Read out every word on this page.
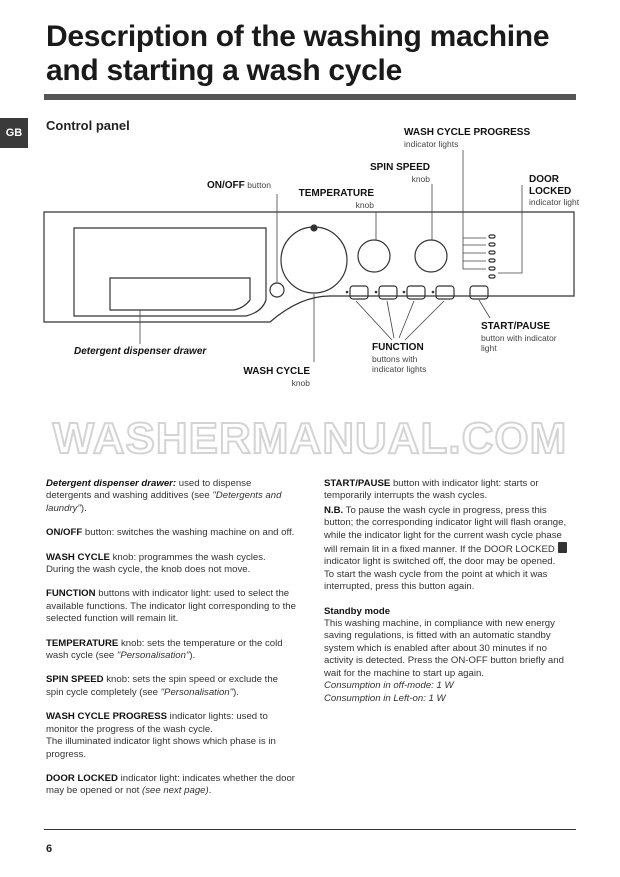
Description of the washing machine and starting a wash cycle
GB	Control panel	WASH CYCLE PROGRESS indicator lights
SPIN SPEED
knob	DOOR LOCKED
indicator light
ON/OFF button
TEMPERATURE
knob
START/PAUSE
button with indicator light
FUNCTION
buttons with indicator lights
Detergent dispenser drawer
WASH CYCLE
knob
WASHERMANUAL.COM

Detergent dispenser drawer: used to dispense detergents and washing additives (see "Detergents and laundry").

ON/OFF button: switches the washing machine on and off.

WASH CYCLE knob: programmes the wash cycles. During the wash cycle, the knob does not move.

FUNCTION buttons with indicator light: used to select the available functions. The indicator light corresponding to the selected function will remain lit.

TEMPERATURE knob: sets the temperature or the cold wash cycle (see "Personalisation").

SPIN SPEED knob: sets the spin speed or exclude the spin cycle completely (see "Personalisation").

WASH CYCLE PROGRESS indicator lights: used to monitor the progress of the wash cycle.
The illuminated indicator light shows which phase is in progress.

DOOR LOCKED indicator light: indicates whether the door may be opened or not (see next page).

START/PAUSE button with indicator light: starts or temporarily interrupts the wash cycles.

N.B. To pause the wash cycle in progress, press this button; the corresponding indicator light will flash orange, while the indicator light for the current wash cycle phase will remain lit in a fixed manner. If the DOOR LOCKED  indicator light is switched off, the door may be opened.
To start the wash cycle from the point at which it was interrupted, press this button again.

Standby mode

This washing machine, in compliance with new energy saving regulations, is fitted with an automatic standby system which is enabled after about 30 minutes if no activity is detected. Press the ON-OFF button briefly and wait for the machine to start up again.
Consumption in off-mode: 1 W
Consumption in Left-on: 1 W

6
